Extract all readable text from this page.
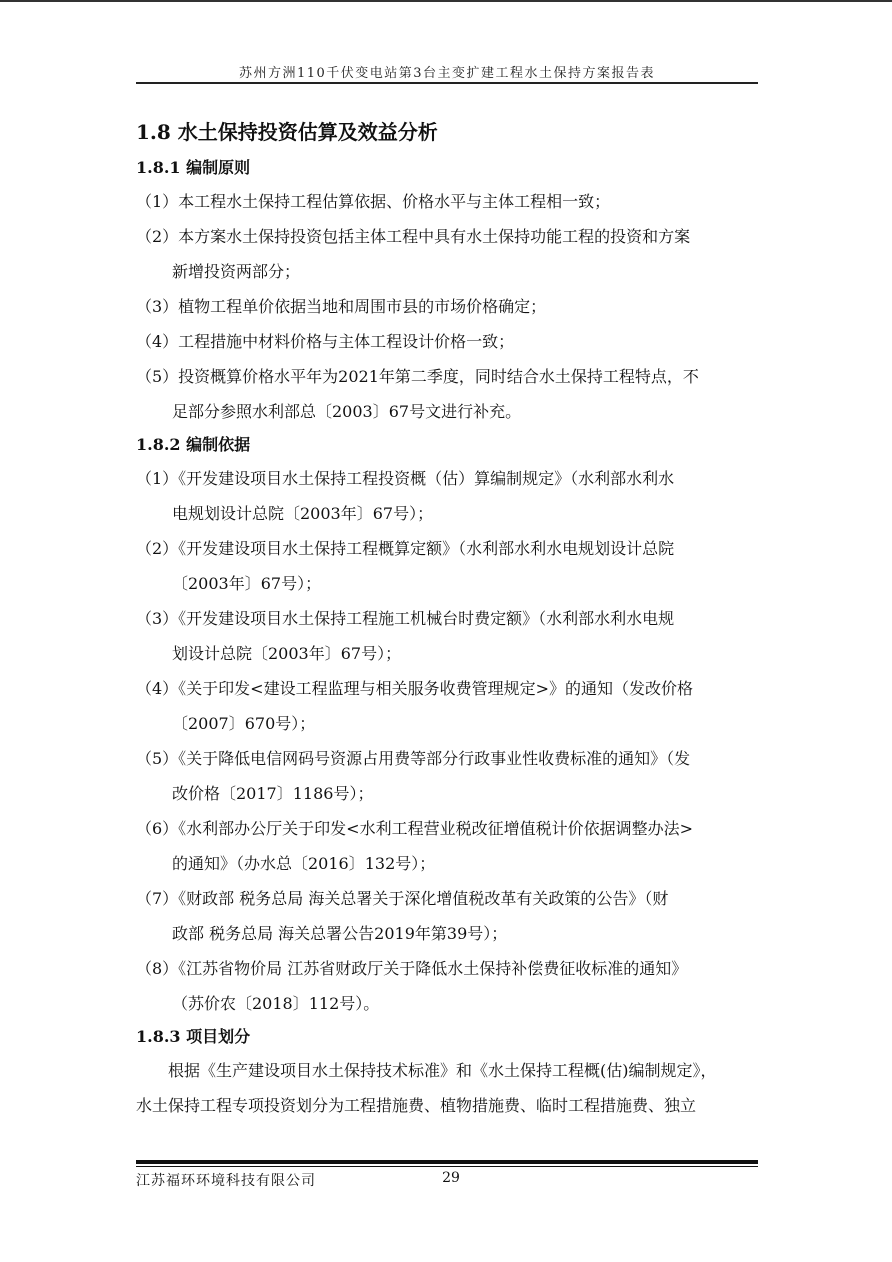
苏州方洲110千伏变电站第3台主变扩建工程水土保持方案报告表
1.8 水土保持投资估算及效益分析
1.8.1 编制原则

（1）本工程水土保持工程估算依据、价格水平与主体工程相一致；

（2）本方案水土保持投资包括主体工程中具有水土保持功能工程的投资和方案

新增投资两部分；

（3）植物工程单价依据当地和周围市县的市场价格确定；

（4）工程措施中材料价格与主体工程设计价格一致；

（5）投资概算价格水平年为2021年第二季度，同时结合水土保持工程特点，不

足部分参照水利部总〔2003〕67号文进行补充。

1.8.2 编制依据

（1）《开发建设项目水土保持工程投资概（估）算编制规定》（水利部水利水

电规划设计总院〔2003年〕67号）；

（2）《开发建设项目水土保持工程概算定额》（水利部水利水电规划设计总院

〔2003年〕67号）；

（3）《开发建设项目水土保持工程施工机械台时费定额》（水利部水利水电规

划设计总院〔2003年〕67号）；

（4）《关于印发<建设工程监理与相关服务收费管理规定>》的通知（发改价格

〔2007〕670号）；

（5）《关于降低电信网码号资源占用费等部分行政事业性收费标准的通知》（发

改价格〔2017〕1186号）；

（6）《水利部办公厅关于印发<水利工程营业税改征增值税计价依据调整办法>

的通知》（办水总〔2016〕132号）；

（7）《财政部 税务总局 海关总署关于深化增值税改革有关政策的公告》（财

政部 税务总局 海关总署公告2019年第39号）；

（8）《江苏省物价局 江苏省财政厅关于降低水土保持补偿费征收标准的通知》

（苏价农〔2018〕112号）。

1.8.3 项目划分

根据《生产建设项目水土保持技术标准》和《水土保持工程概(估)编制规定》，

水土保持工程专项投资划分为工程措施费、植物措施费、临时工程措施费、独立

江苏福环环境科技有限公司	29
